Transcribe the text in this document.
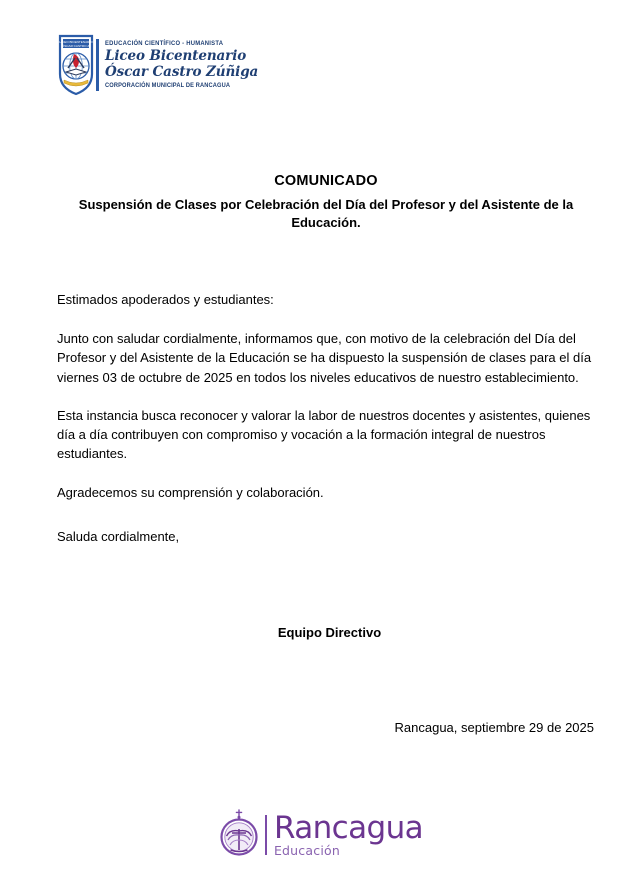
LICEO BICENTENARIO
ÓSCAR CASTRO Z. EDUCACIÓN CIENTÍFICO - HUMANISTA
Liceo Bicentenario
Óscar Castro Zúñiga
CORPORACIÓN MUNICIPAL DE RANCAGUA
COMUNICADO
Suspensión de Clases por Celebración del Día del Profesor y del Asistente de la Educación.

Estimados apoderados y estudiantes:

Junto con saludar cordialmente, informamos que, con motivo de la celebración del Día del Profesor y del Asistente de la Educación se ha dispuesto la suspensión de clases para el día viernes 03 de octubre de 2025 en todos los niveles educativos de nuestro establecimiento.

Esta instancia busca reconocer y valorar la labor de nuestros docentes y asistentes, quienes día a día contribuyen con compromiso y vocación a la formación integral de nuestros estudiantes.

Agradecemos su comprensión y colaboración.

Saluda cordialmente,
Equipo Directivo
Rancagua, septiembre 29 de 2025
Rancagua
Educación
